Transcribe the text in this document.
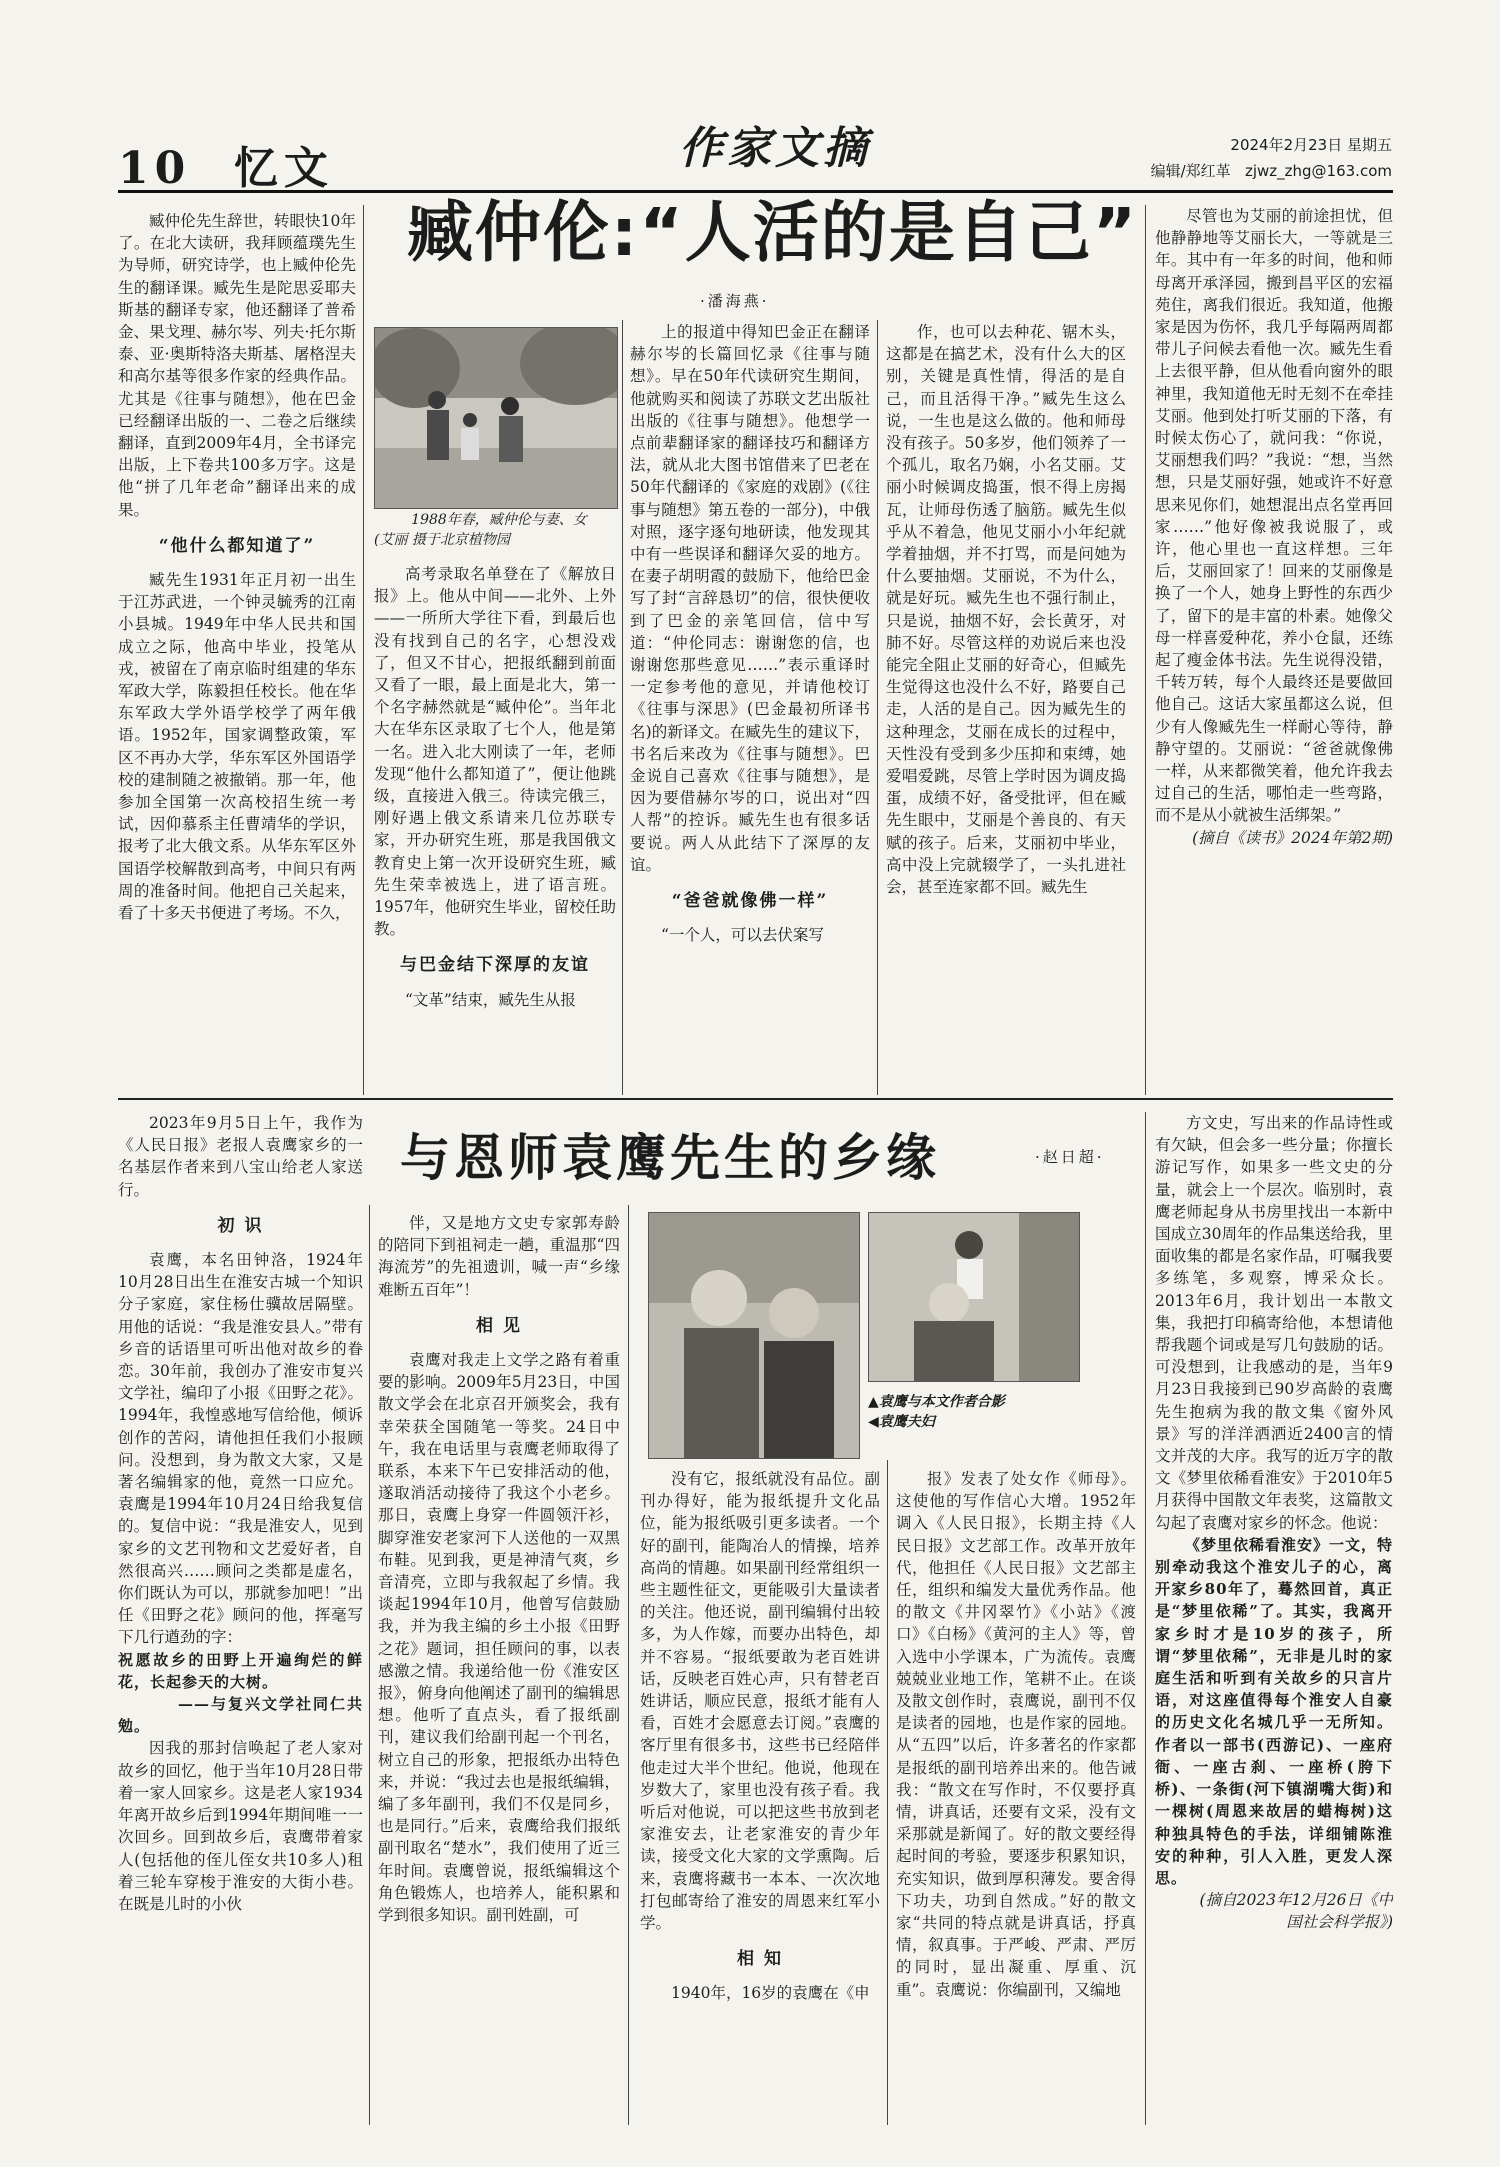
10 忆文	作家文摘	2024年2月23日 星期五
编辑/郑红革 zjwz_zhg@163.com
臧仲伦:“人活的是自己”
·潘海燕·

臧仲伦先生辞世，转眼快10年了。在北大读研，我拜顾蕴璞先生为导师，研究诗学，也上臧仲伦先生的翻译课。臧先生是陀思妥耶夫斯基的翻译专家，他还翻译了普希金、果戈理、赫尔岑、列夫·托尔斯泰、亚·奥斯特洛夫斯基、屠格涅夫和高尔基等很多作家的经典作品。尤其是《往事与随想》，他在巴金已经翻译出版的一、二卷之后继续翻译，直到2009年4月，全书译完出版，上下卷共100多万字。这是他“拼了几年老命”翻译出来的成果。

“他什么都知道了”

臧先生1931年正月初一出生于江苏武进，一个钟灵毓秀的江南小县城。1949年中华人民共和国成立之际，他高中毕业，投笔从戎，被留在了南京临时组建的华东军政大学，陈毅担任校长。他在华东军政大学外语学校学了两年俄语。1952年，国家调整政策，军区不再办大学，华东军区外国语学校的建制随之被撤销。那一年，他参加全国第一次高校招生统一考试，因仰慕系主任曹靖华的学识，报考了北大俄文系。从华东军区外国语学校解散到高考，中间只有两周的准备时间。他把自己关起来，看了十多天书便进了考场。不久，

1988年春，臧仲伦与妻、女
(艾丽 摄于北京植物园

高考录取名单登在了《解放日报》上。他从中间——北外、上外——一所所大学往下看，到最后也没有找到自己的名字，心想没戏了，但又不甘心，把报纸翻到前面又看了一眼，最上面是北大，第一个名字赫然就是“臧仲伦”。当年北大在华东区录取了七个人，他是第一名。进入北大刚读了一年，老师发现“他什么都知道了”，便让他跳级，直接进入俄三。待读完俄三，刚好遇上俄文系请来几位苏联专家，开办研究生班，那是我国俄文教育史上第一次开设研究生班，臧先生荣幸被选上，进了语言班。1957年，他研究生毕业，留校任助教。

与巴金结下深厚的友谊

“文革”结束，臧先生从报

上的报道中得知巴金正在翻译赫尔岑的长篇回忆录《往事与随想》。早在50年代读研究生期间，他就购买和阅读了苏联文艺出版社出版的《往事与随想》。他想学一点前辈翻译家的翻译技巧和翻译方法，就从北大图书馆借来了巴老在50年代翻译的《家庭的戏剧》(《往事与随想》第五卷的一部分)，中俄对照，逐字逐句地研读，他发现其中有一些误译和翻译欠妥的地方。在妻子胡明霞的鼓励下，他给巴金写了封“言辞恳切”的信，很快便收到了巴金的亲笔回信，信中写道：“仲伦同志：谢谢您的信，也谢谢您那些意见……”表示重译时一定参考他的意见，并请他校订《往事与深思》(巴金最初所译书名)的新译文。在臧先生的建议下，书名后来改为《往事与随想》。巴金说自己喜欢《往事与随想》，是因为要借赫尔岑的口，说出对“四人帮”的控诉。臧先生也有很多话要说。两人从此结下了深厚的友谊。

“爸爸就像佛一样”

“一个人，可以去伏案写

作，也可以去种花、锯木头，这都是在搞艺术，没有什么大的区别，关键是真性情，得活的是自己，而且活得干净。”臧先生这么说，一生也是这么做的。他和师母没有孩子。50多岁，他们领养了一个孤儿，取名乃娴，小名艾丽。艾丽小时候调皮捣蛋，恨不得上房揭瓦，让师母伤透了脑筋。臧先生似乎从不着急，他见艾丽小小年纪就学着抽烟，并不打骂，而是问她为什么要抽烟。艾丽说，不为什么，就是好玩。臧先生也不强行制止，只是说，抽烟不好，会长黄牙，对肺不好。尽管这样的劝说后来也没能完全阻止艾丽的好奇心，但臧先生觉得这也没什么不好，路要自己走，人活的是自己。因为臧先生的这种理念，艾丽在成长的过程中，天性没有受到多少压抑和束缚，她爱唱爱跳，尽管上学时因为调皮捣蛋，成绩不好，备受批评，但在臧先生眼中，艾丽是个善良的、有天赋的孩子。后来，艾丽初中毕业，高中没上完就辍学了，一头扎进社会，甚至连家都不回。臧先生

尽管也为艾丽的前途担忧，但他静静地等艾丽长大，一等就是三年。其中有一年多的时间，他和师母离开承泽园，搬到昌平区的宏福苑住，离我们很近。我知道，他搬家是因为伤怀，我几乎每隔两周都带儿子问候去看他一次。臧先生看上去很平静，但从他看向窗外的眼神里，我知道他无时无刻不在牵挂艾丽。他到处打听艾丽的下落，有时候太伤心了，就问我：“你说，艾丽想我们吗？”我说：“想，当然想，只是艾丽好强，她或许不好意思来见你们，她想混出点名堂再回家……”他好像被我说服了，或许，他心里也一直这样想。三年后，艾丽回家了！回来的艾丽像是换了一个人，她身上野性的东西少了，留下的是丰富的朴素。她像父母一样喜爱种花，养小仓鼠，还练起了瘦金体书法。先生说得没错，千转万转，每个人最终还是要做回他自己。这话大家虽都这么说，但少有人像臧先生一样耐心等待，静静守望的。艾丽说：“爸爸就像佛一样，从来都微笑着，他允许我去过自己的生活，哪怕走一些弯路，而不是从小就被生活绑架。”

(摘自《读书》2024年第2期)

与恩师袁鹰先生的乡缘	·赵日超·

2023年9月5日上午，我作为《人民日报》老报人袁鹰家乡的一名基层作者来到八宝山给老人家送行。

初 识

袁鹰，本名田钟洛，1924年10月28日出生在淮安古城一个知识分子家庭，家住杨仕骥故居隔壁。用他的话说：“我是淮安县人。”带有乡音的话语里可听出他对故乡的眷恋。30年前，我创办了淮安市复兴文学社，编印了小报《田野之花》。1994年，我惶惑地写信给他，倾诉创作的苦闷，请他担任我们小报顾问。没想到，身为散文大家，又是著名编辑家的他，竟然一口应允。袁鹰是1994年10月24日给我复信的。复信中说：“我是淮安人，见到家乡的文艺刊物和文艺爱好者，自然很高兴……顾问之类都是虚名，你们既认为可以，那就参加吧！”出任《田野之花》顾问的他，挥毫写下几行遒劲的字：

祝愿故乡的田野上开遍绚烂的鲜花，长起参天的大树。

——与复兴文学社同仁共勉。

因我的那封信唤起了老人家对故乡的回忆，他于当年10月28日带着一家人回家乡。这是老人家1934年离开故乡后到1994年期间唯一一次回乡。回到故乡后，袁鹰带着家人(包括他的侄儿侄女共10多人)租着三轮车穿梭于淮安的大街小巷。在既是儿时的小伙

伴，又是地方文史专家郭寿龄的陪同下到祖祠走一趟，重温那“四海流芳”的先祖遗训，喊一声“乡缘难断五百年”！

相 见

袁鹰对我走上文学之路有着重要的影响。2009年5月23日，中国散文学会在北京召开颁奖会，我有幸荣获全国随笔一等奖。24日中午，我在电话里与袁鹰老师取得了联系，本来下午已安排活动的他，遂取消活动接待了我这个小老乡。那日，袁鹰上身穿一件圆领汗衫，脚穿淮安老家河下人送他的一双黑布鞋。见到我，更是神清气爽，乡音清亮，立即与我叙起了乡情。我谈起1994年10月，他曾写信鼓励我，并为我主编的乡土小报《田野之花》题词，担任顾问的事，以表感激之情。我递给他一份《淮安区报》，俯身向他阐述了副刊的编辑思想。他听了直点头，看了报纸副刊，建议我们给副刊起一个刊名，树立自己的形象，把报纸办出特色来，并说：“我过去也是报纸编辑，编了多年副刊，我们不仅是同乡，也是同行。”后来，袁鹰给我们报纸副刊取名“楚水”，我们使用了近三年时间。袁鹰曾说，报纸编辑这个角色锻炼人，也培养人，能积累和学到很多知识。副刊姓副，可

▲袁鹰与本文作者合影
◀袁鹰夫妇

没有它，报纸就没有品位。副刊办得好，能为报纸提升文化品位，能为报纸吸引更多读者。一个好的副刊，能陶冶人的情操，培养高尚的情趣。如果副刊经常组织一些主题性征文，更能吸引大量读者的关注。他还说，副刊编辑付出较多，为人作嫁，而要办出特色，却并不容易。“报纸要敢为老百姓讲话，反映老百姓心声，只有替老百姓讲话，顺应民意，报纸才能有人看，百姓才会愿意去订阅。”袁鹰的客厅里有很多书，这些书已经陪伴他走过大半个世纪。他说，他现在岁数大了，家里也没有孩子看。我听后对他说，可以把这些书放到老家淮安去，让老家淮安的青少年读，接受文化大家的文学熏陶。后来，袁鹰将藏书一本本、一次次地打包邮寄给了淮安的周恩来红军小学。

相 知

1940年，16岁的袁鹰在《申

报》发表了处女作《师母》。这使他的写作信心大增。1952年调入《人民日报》，长期主持《人民日报》文艺部工作。改革开放年代，他担任《人民日报》文艺部主任，组织和编发大量优秀作品。他的散文《井冈翠竹》《小站》《渡口》《白杨》《黄河的主人》等，曾入选中小学课本，广为流传。袁鹰兢兢业业地工作，笔耕不止。在谈及散文创作时，袁鹰说，副刊不仅是读者的园地，也是作家的园地。从“五四”以后，许多著名的作家都是报纸的副刊培养出来的。他告诫我：“散文在写作时，不仅要抒真情，讲真话，还要有文采，没有文采那就是新闻了。好的散文要经得起时间的考验，要逐步积累知识，充实知识，做到厚积薄发。要舍得下功夫，功到自然成。”好的散文家“共同的特点就是讲真话，抒真情，叙真事。于严峻、严肃、严厉的同时，显出凝重、厚重、沉重”。袁鹰说：你编副刊，又编地

方文史，写出来的作品诗性或有欠缺，但会多一些分量；你擅长游记写作，如果多一些文史的分量，就会上一个层次。临别时，袁鹰老师起身从书房里找出一本新中国成立30周年的作品集送给我，里面收集的都是名家作品，叮嘱我要多练笔，多观察，博采众长。2013年6月，我计划出一本散文集，我把打印稿寄给他，本想请他帮我题个词或是写几句鼓励的话。可没想到，让我感动的是，当年9月23日我接到已90岁高龄的袁鹰先生抱病为我的散文集《窗外风景》写的洋洋洒洒近2400言的情文并茂的大序。我写的近万字的散文《梦里依稀看淮安》于2010年5月获得中国散文年表奖，这篇散文勾起了袁鹰对家乡的怀念。他说：

《梦里依稀看淮安》一文，特别牵动我这个淮安儿子的心，离开家乡80年了，蓦然回首，真正是“梦里依稀”了。其实，我离开家乡时才是10岁的孩子，所谓“梦里依稀”，无非是儿时的家庭生活和听到有关故乡的只言片语，对这座值得每个淮安人自豪的历史文化名城几乎一无所知。作者以一部书(西游记)、一座府衙、一座古刹、一座桥(胯下桥)、一条街(河下镇湖嘴大街)和一棵树(周恩来故居的蜡梅树)这种独具特色的手法，详细铺陈淮安的种种，引人入胜，更发人深思。

(摘自2023年12月26日《中国社会科学报》)
